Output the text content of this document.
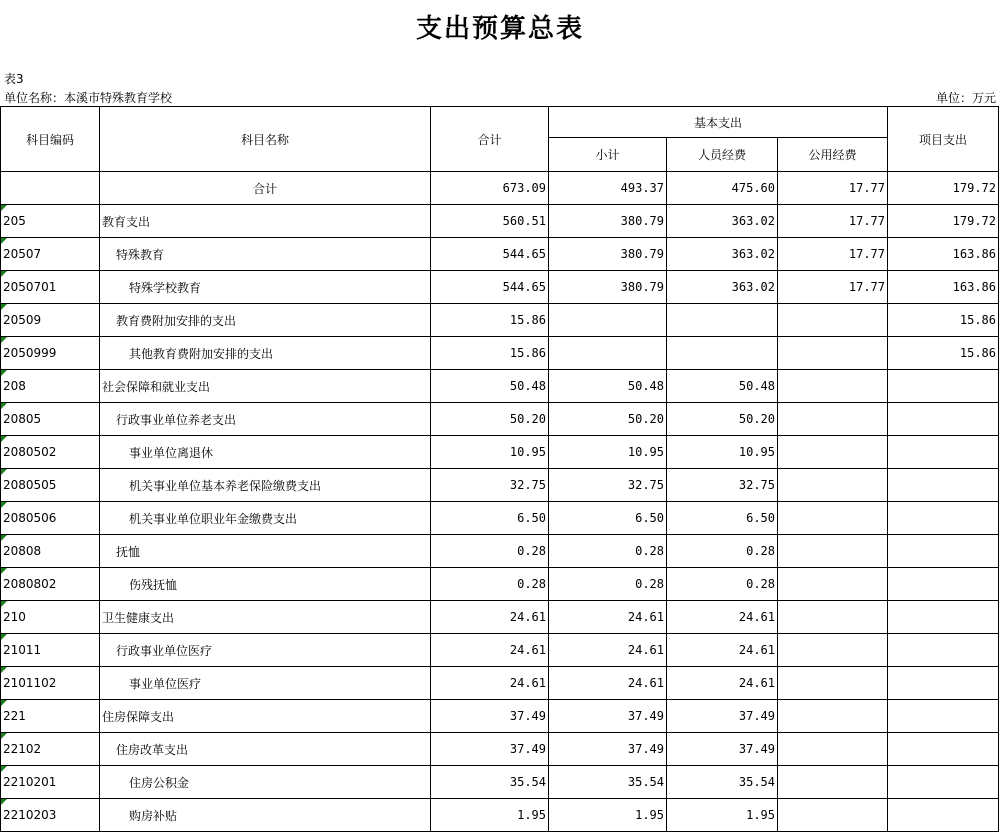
支出预算总表
表3
单位名称：本溪市特殊教育学校	单位：万元
科目编码	科目名称	合计	基本支出			项目支出
			小计	人员经费	公用经费	
	合计	673.09	493.37	475.60	17.77	179.72
205	教育支出	560.51	380.79	363.02	17.77	179.72
20507	特殊教育	544.65	380.79	363.02	17.77	163.86
2050701	特殊学校教育	544.65	380.79	363.02	17.77	163.86
20509	教育费附加安排的支出	15.86				15.86
2050999	其他教育费附加安排的支出	15.86				15.86
208	社会保障和就业支出	50.48	50.48	50.48		
20805	行政事业单位养老支出	50.20	50.20	50.20		
2080502	事业单位离退休	10.95	10.95	10.95		
2080505	机关事业单位基本养老保险缴费支出	32.75	32.75	32.75		
2080506	机关事业单位职业年金缴费支出	6.50	6.50	6.50		
20808	抚恤	0.28	0.28	0.28		
2080802	伤残抚恤	0.28	0.28	0.28		
210	卫生健康支出	24.61	24.61	24.61		
21011	行政事业单位医疗	24.61	24.61	24.61		
2101102	事业单位医疗	24.61	24.61	24.61		
221	住房保障支出	37.49	37.49	37.49		
22102	住房改革支出	37.49	37.49	37.49		
2210201	住房公积金	35.54	35.54	35.54		
2210203	购房补贴	1.95	1.95	1.95		
